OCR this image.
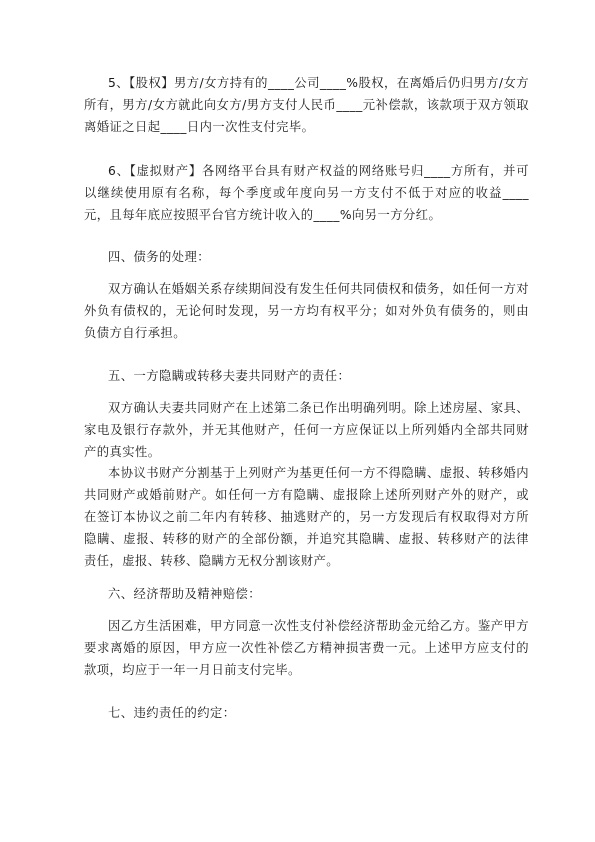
5、【股权】男方/女方持有的____公司____%股权，在离婚后仍归男方/女方所有，男方/女方就此向女方/男方支付人民币____元补偿款，该款项于双方领取离婚证之日起____日内一次性支付完毕。

6、【虚拟财产】各网络平台具有财产权益的网络账号归____方所有，并可以继续使用原有名称，每个季度或年度向另一方支付不低于对应的收益____元，且每年底应按照平台官方统计收入的____%向另一方分红。

四、债务的处理：

双方确认在婚姻关系存续期间没有发生任何共同债权和债务，如任何一方对外负有债权的，无论何时发现，另一方均有权平分；如对外负有债务的，则由负债方自行承担。

五、一方隐瞒或转移夫妻共同财产的责任：

双方确认夫妻共同财产在上述第二条已作出明确列明。除上述房屋、家具、家电及银行存款外，并无其他财产，任何一方应保证以上所列婚内全部共同财产的真实性。

本协议书财产分割基于上列财产为基更任何一方不得隐瞒、虚报、转移婚内共同财产或婚前财产。如任何一方有隐瞒、虚报除上述所列财产外的财产，或在签订本协议之前二年内有转移、抽逃财产的，另一方发现后有权取得对方所隐瞒、虚报、转移的财产的全部份额，并追究其隐瞒、虚报、转移财产的法律责任，虚报、转移、隐瞒方无权分割该财产。

六、经济帮助及精神赔偿：

因乙方生活困难，甲方同意一次性支付补偿经济帮助金元给乙方。鉴产甲方要求离婚的原因，甲方应一次性补偿乙方精神损害费一元。上述甲方应支付的款项，均应于一年一月日前支付完毕。

七、违约责任的约定：
